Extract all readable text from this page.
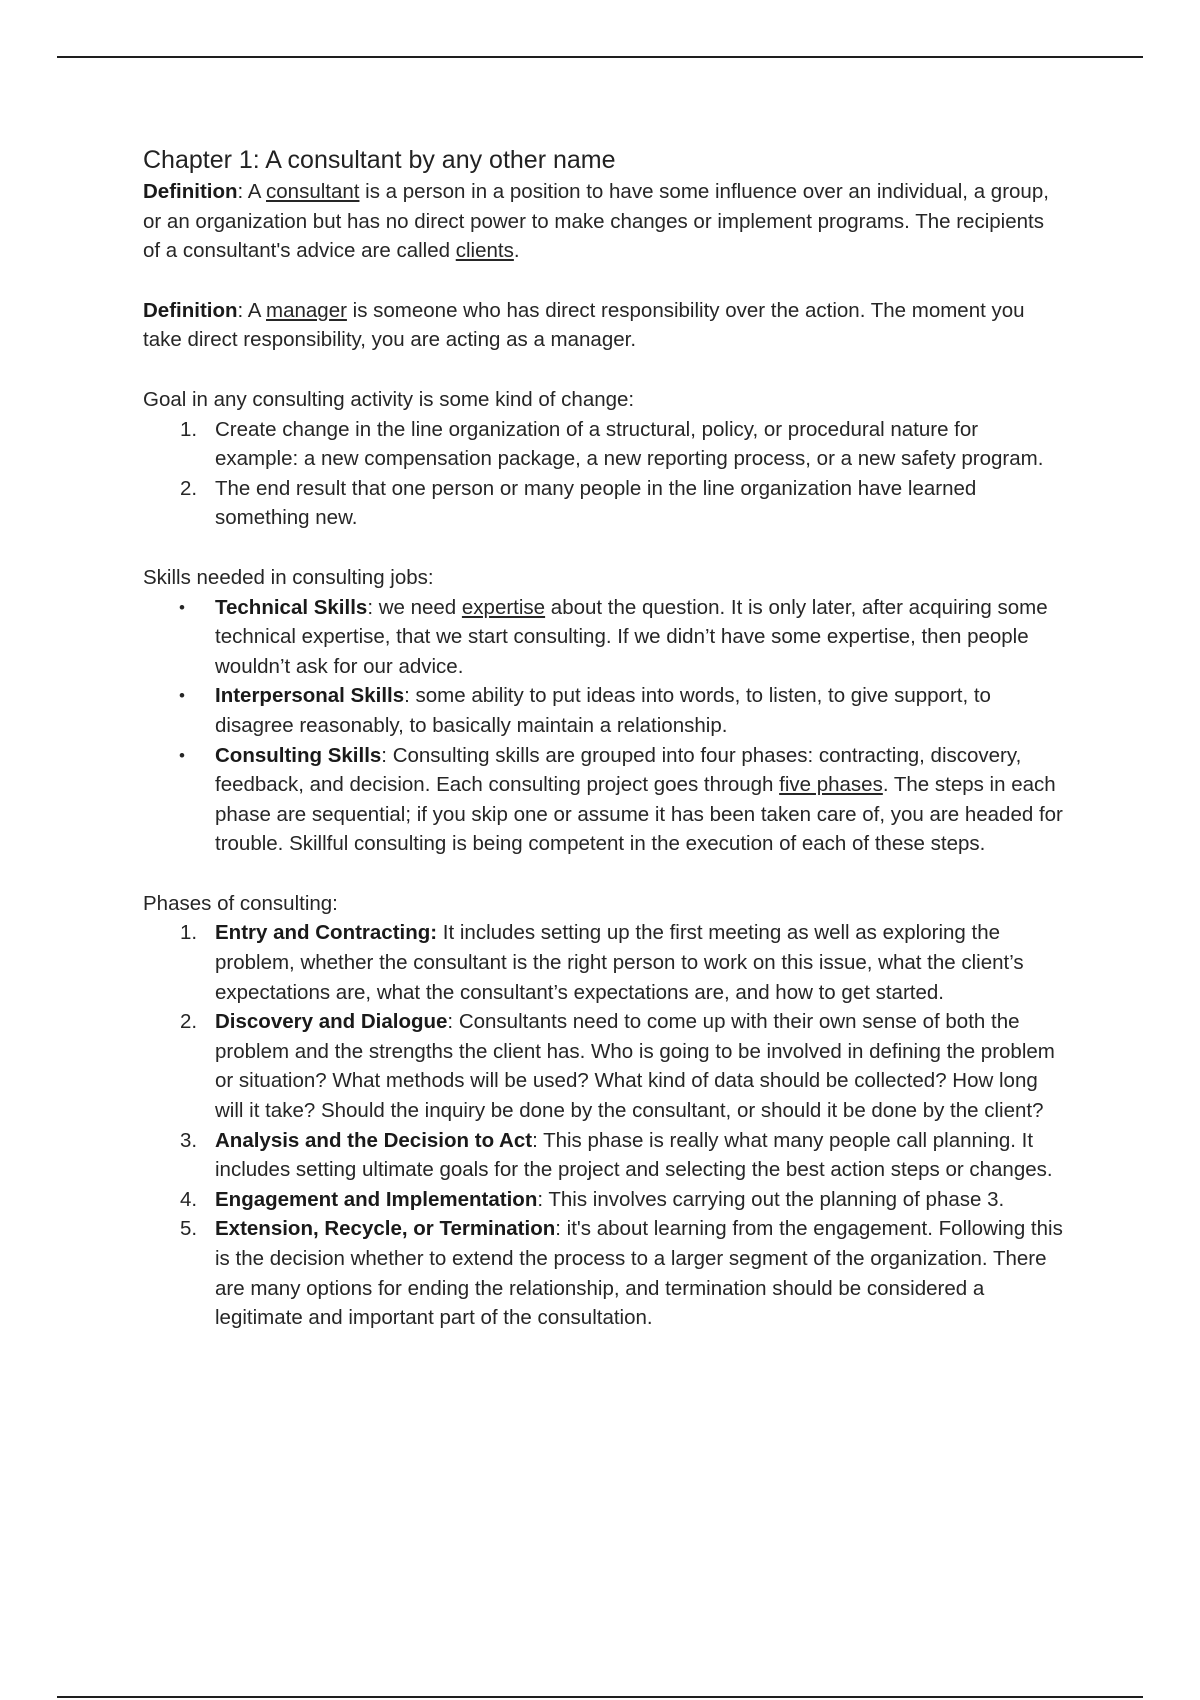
Chapter 1: A consultant by any other name

Definition: A consultant is a person in a position to have some influence over an individual, a group, or an organization but has no direct power to make changes or implement programs. The recipients of a consultant's advice are called clients.

Definition: A manager is someone who has direct responsibility over the action. The moment you take direct responsibility, you are acting as a manager.

Goal in any consulting activity is some kind of change:

1. Create change in the line organization of a structural, policy, or procedural nature for example: a new compensation package, a new reporting process, or a new safety program.
2. The end result that one person or many people in the line organization have learned something new.

Skills needed in consulting jobs:

• Technical Skills: we need expertise about the question. It is only later, after acquiring some technical expertise, that we start consulting. If we didn’t have some expertise, then people wouldn’t ask for our advice.
• Interpersonal Skills: some ability to put ideas into words, to listen, to give support, to disagree reasonably, to basically maintain a relationship.
• Consulting Skills: Consulting skills are grouped into four phases: contracting, discovery, feedback, and decision. Each consulting project goes through five phases. The steps in each phase are sequential; if you skip one or assume it has been taken care of, you are headed for trouble. Skillful consulting is being competent in the execution of each of these steps.

Phases of consulting:

1. Entry and Contracting: It includes setting up the first meeting as well as exploring the problem, whether the consultant is the right person to work on this issue, what the client’s expectations are, what the consultant’s expectations are, and how to get started.
2. Discovery and Dialogue: Consultants need to come up with their own sense of both the problem and the strengths the client has. Who is going to be involved in defining the problem or situation? What methods will be used? What kind of data should be collected? How long will it take? Should the inquiry be done by the consultant, or should it be done by the client?
3. Analysis and the Decision to Act: This phase is really what many people call planning. It includes setting ultimate goals for the project and selecting the best action steps or changes.
4. Engagement and Implementation: This involves carrying out the planning of phase 3.
5. Extension, Recycle, or Termination: it's about learning from the engagement. Following this is the decision whether to extend the process to a larger segment of the organization. There are many options for ending the relationship, and termination should be considered a legitimate and important part of the consultation.
